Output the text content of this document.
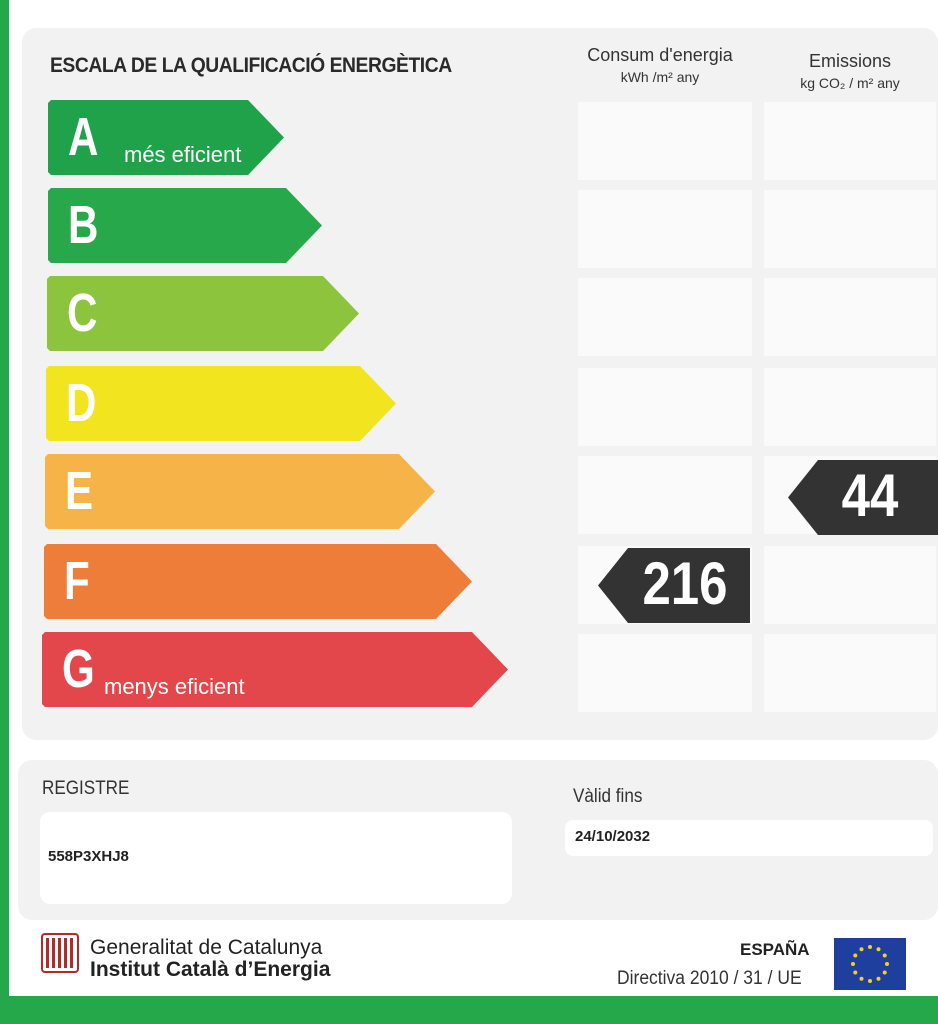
ESCALA DE LA QUALIFICACIÓ ENERGÈTICA	Consum d'energia
kWh /m² any
Emissions
kg CO₂ / m² any
A més eficient
B
C
D
E
F
G menys eficient
216
44
REGISTRE
558P3XHJ8
Vàlid fins
24/10/2032
Generalitat de Catalunya
Institut Català d’Energia
ESPAÑA
Directiva 2010 / 31 / UE
